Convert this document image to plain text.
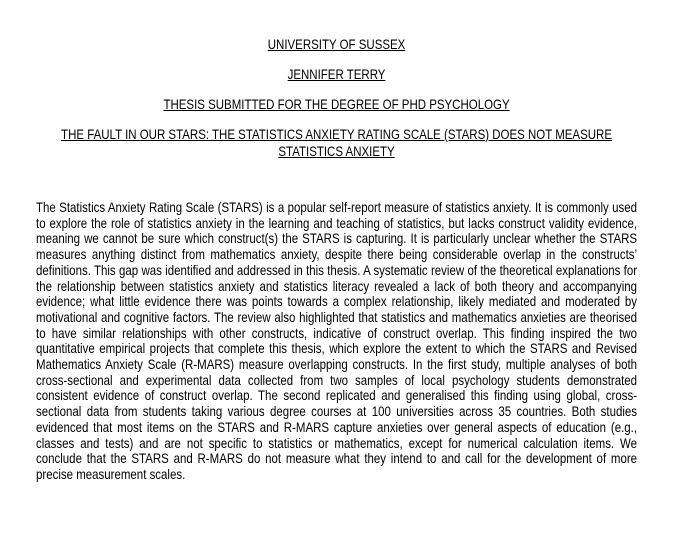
UNIVERSITY OF SUSSEX
JENNIFER TERRY
THESIS SUBMITTED FOR THE DEGREE OF PHD PSYCHOLOGY
THE FAULT IN OUR STARS: THE STATISTICS ANXIETY RATING SCALE (STARS) DOES NOT MEASURE STATISTICS ANXIETY

The Statistics Anxiety Rating Scale (STARS) is a popular self-report measure of statistics anxiety. It is commonly used to explore the role of statistics anxiety in the learning and teaching of statistics, but lacks construct validity evidence, meaning we cannot be sure which construct(s) the STARS is capturing. It is particularly unclear whether the STARS measures anything distinct from mathematics anxiety, despite there being considerable overlap in the constructs’ definitions. This gap was identified and addressed in this thesis. A systematic review of the theoretical explanations for the relationship between statistics anxiety and statistics literacy revealed a lack of both theory and accompanying evidence; what little evidence there was points towards a complex relationship, likely mediated and moderated by motivational and cognitive factors. The review also highlighted that statistics and mathematics anxieties are theorised to have similar relationships with other constructs, indicative of construct overlap. This finding inspired the two quantitative empirical projects that complete this thesis, which explore the extent to which the STARS and Revised Mathematics Anxiety Scale (R-MARS) measure overlapping constructs. In the first study, multiple analyses of both cross-sectional and experimental data collected from two samples of local psychology students demonstrated consistent evidence of construct overlap. The second replicated and generalised this finding using global, cross-sectional data from students taking various degree courses at 100 universities across 35 countries. Both studies evidenced that most items on the STARS and R-MARS capture anxieties over general aspects of education (e.g., classes and tests) and are not specific to statistics or mathematics, except for numerical calculation items. We conclude that the STARS and R-MARS do not measure what they intend to and call for the development of more precise measurement scales.
